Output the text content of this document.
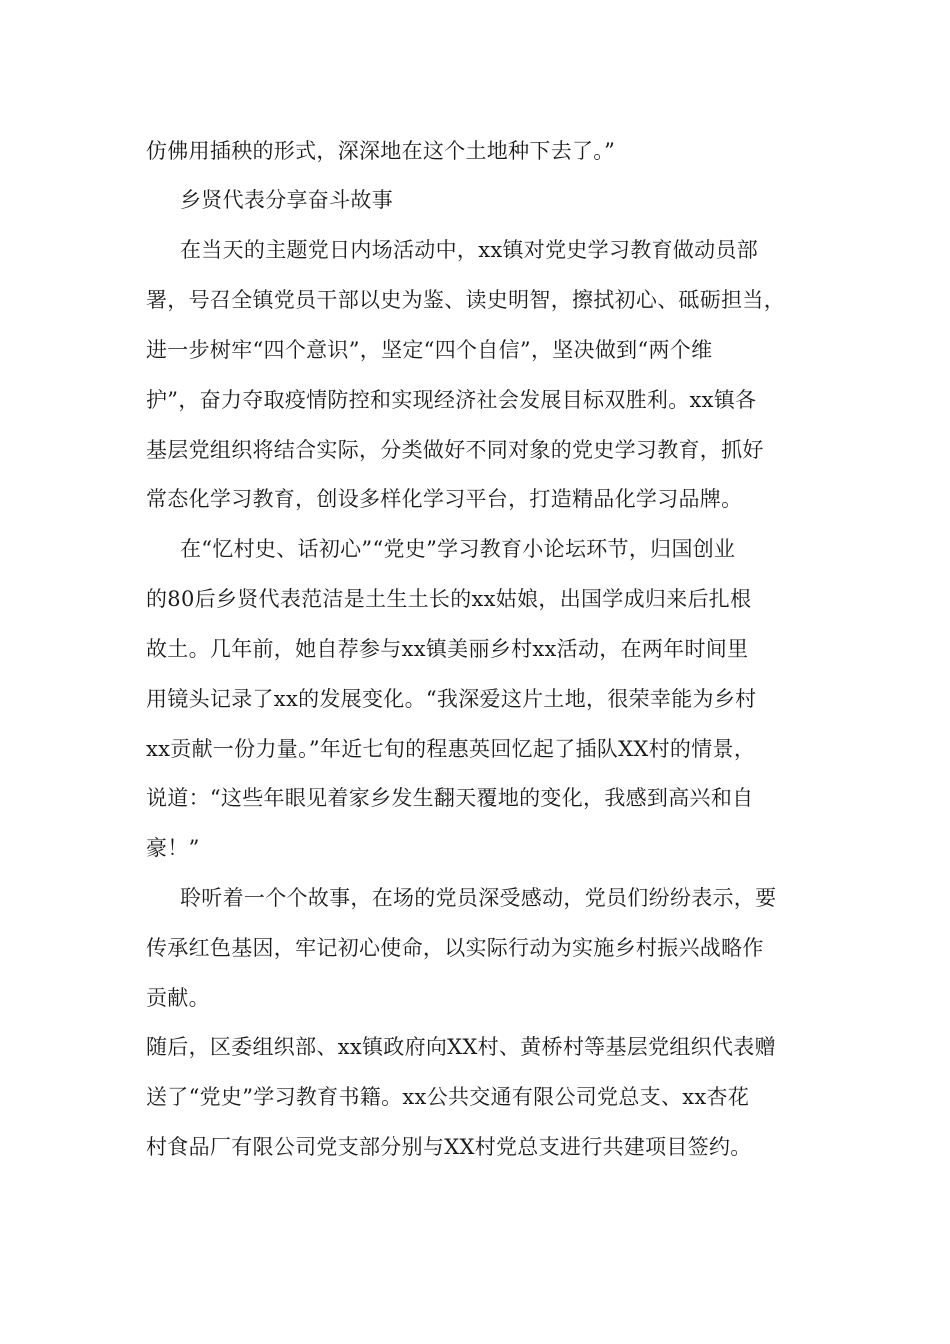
仿佛用插秧的形式，深深地在这个土地种下去了。”

乡贤代表分享奋斗故事

在当天的主题党日内场活动中，xx镇对党史学习教育做动员部

署，号召全镇党员干部以史为鉴、读史明智，擦拭初心、砥砺担当，

进一步树牢“四个意识”，坚定“四个自信”，坚决做到“两个维

护”，奋力夺取疫情防控和实现经济社会发展目标双胜利。xx镇各

基层党组织将结合实际，分类做好不同对象的党史学习教育，抓好

常态化学习教育，创设多样化学习平台，打造精品化学习品牌。

在“忆村史、话初心”“党史”学习教育小论坛环节，归国创业

的80后乡贤代表范洁是土生土长的xx姑娘，出国学成归来后扎根

故土。几年前，她自荐参与xx镇美丽乡村xx活动，在两年时间里

用镜头记录了xx的发展变化。“我深爱这片土地，很荣幸能为乡村

xx贡献一份力量。”年近七旬的程惠英回忆起了插队XX村的情景，

说道：“这些年眼见着家乡发生翻天覆地的变化，我感到高兴和自

豪！”

聆听着一个个故事，在场的党员深受感动，党员们纷纷表示，要

传承红色基因，牢记初心使命，以实际行动为实施乡村振兴战略作

贡献。

随后，区委组织部、xx镇政府向XX村、黄桥村等基层党组织代表赠

送了“党史”学习教育书籍。xx公共交通有限公司党总支、xx杏花

村食品厂有限公司党支部分别与XX村党总支进行共建项目签约。
